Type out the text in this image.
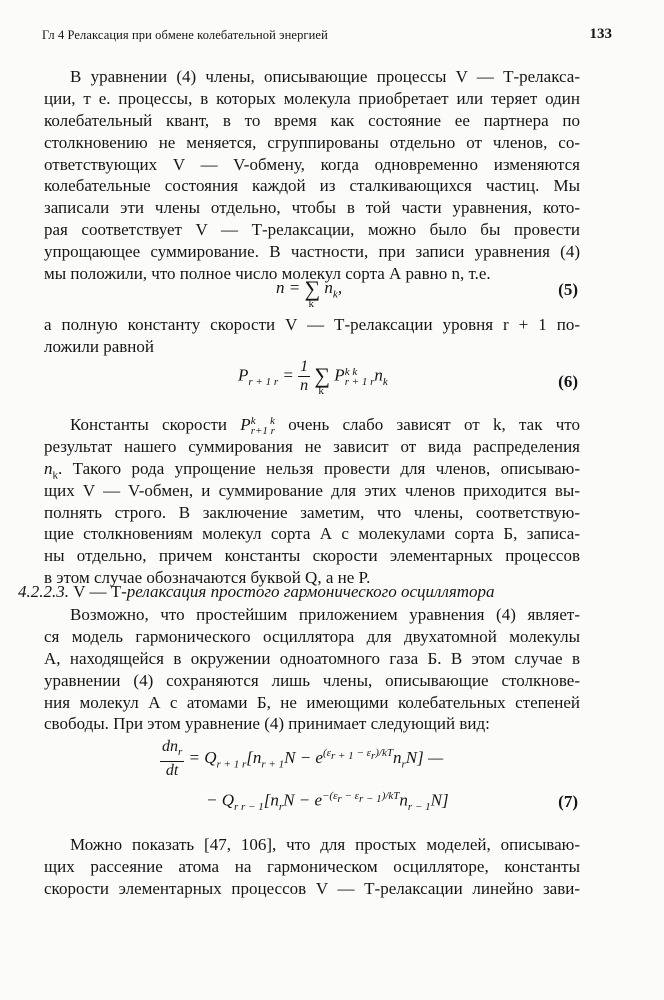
Гл 4 Релаксация при обмене колебательной энергией	133
В уравнении (4) члены, описывающие процессы V — Т-релакса-
ции, т е. процессы, в которых молекула приобретает или теряет один
колебательный квант, в то время как состояние ее партнера по
столкновению не меняется, сгруппированы отдельно от членов, со-
ответствующих V — V-обмену, когда одновременно изменяются
колебательные состояния каждой из сталкивающихся частиц. Мы
записали эти члены отдельно, чтобы в той части уравнения, кото-
рая соответствует V — Т-релаксации, можно было бы провести
упрощающее суммирование. В частности, при записи уравнения (4)
мы положили, что полное число молекул сорта А равно n, т.е.
n = ∑
k
$n_k$,	(5)
а полную константу скорости V — Т-релаксации уровня r + 1 по-
ложили равной
$P_{r + 1 r} = \frac{1}{n}$ ∑
k
P k k
r + 1 r $n_k$	(6)
Константы скорости P k k
r+1 r очень слабо зависят от k, так что
результат нашего суммирования не зависит от вида распределения
$n_k$. Такого рода упрощение нельзя провести для членов, описываю-
щих V — V-обмен, и суммирование для этих членов приходится вы-
полнять строго. В заключение заметим, что члены, соответствую-
щие столкновениям молекул сорта А с молекулами сорта Б, записа-
ны отдельно, причем константы скорости элементарных процессов
в этом случае обозначаются буквой Q, а не P.
4.2.2.3. V — Т-релаксация простого гармонического осциллятора
Возможно, что простейшим приложением уравнения (4) являет-
ся модель гармонического осциллятора для двухатомной молекулы
А, находящейся в окружении одноатомного газа Б. В этом случае в
уравнении (4) сохраняются лишь члены, описывающие столкнове-
ния молекул А с атомами Б, не имеющими колебательных степеней
свободы. При этом уравнение (4) принимает следующий вид:
$\frac{dn_r}{dt} = Q_{r + 1 r}[n_{r + 1}N - e^{(\varepsilon_{r + 1} - \varepsilon_r)/kT}n_rN]$ —
− $Q_{r r - 1}[n_rN - e^{-(\varepsilon_r - \varepsilon_{r - 1})/kT}n_{r - 1}N]$	(7)
Можно показать [47, 106], что для простых моделей, описываю-
щих рассеяние атома на гармоническом осцилляторе, константы
скорости элементарных процессов V — Т-релаксации линейно зави-
